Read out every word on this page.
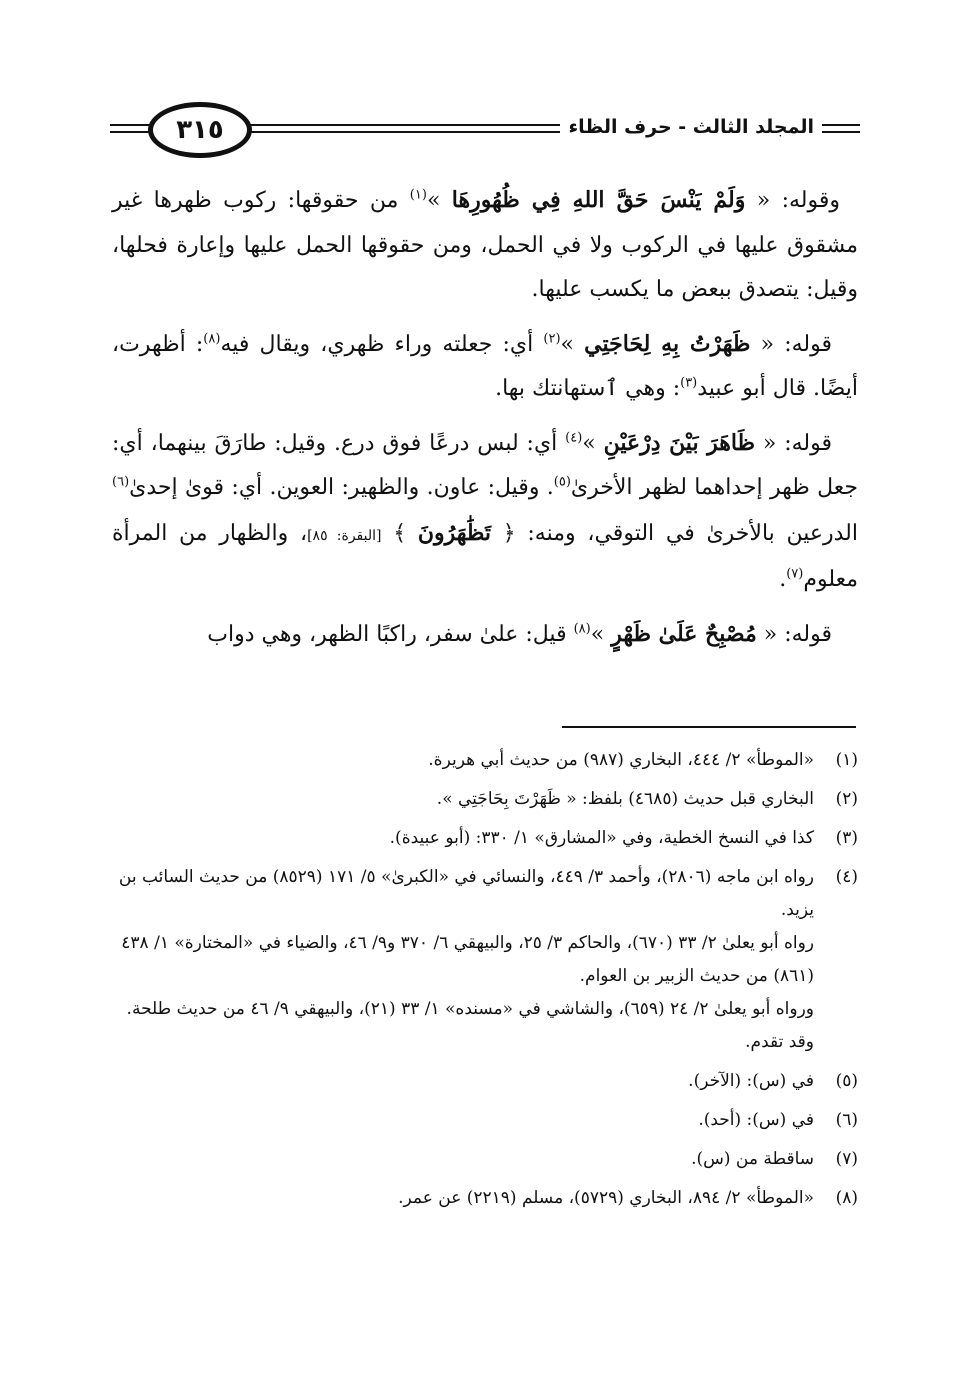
٣١٥	المجلد الثالث - حرف الظاء

وقوله: « وَلَمْ يَنْسَ حَقَّ اللهِ فِي ظُهُورِهَا »$^{(١)}$ من حقوقها: ركوب ظهرها غير مشقوق عليها في الركوب ولا في الحمل، ومن حقوقها الحمل عليها وإعارة فحلها، وقيل: يتصدق ببعض ما يكسب عليها.

قوله: « ظَهَرْتُ بِهِ لِحَاجَتِي »$^{(٢)}$ أي: جعلته وراء ظهري، ويقال فيه$^{(٨)}$: أظهرت، أيضًا. قال أبو عبيد$^{(٣)}$: وهي ٱستهانتك بها.

قوله: « ظَاهَرَ بَيْنَ دِرْعَيْنِ »$^{(٤)}$ أي: لبس درعًا فوق درع. وقيل: طارَقَ بينهما، أي: جعل ظهر إحداهما لظهر الأخرىٰ$^{(٥)}$. وقيل: عاون. والظهير: العوين. أي: قوىٰ إحدىٰ$^{(٦)}$ الدرعين بالأخرىٰ في التوقي، ومنه: ﴿ تَظَٰهَرُونَ ﴾ [البقرة: ٨٥]، والظهار من المرأة معلوم$^{(٧)}$.

قوله: « مُصْبِحٌ عَلَىٰ ظَهْرٍ »$^{(٨)}$ قيل: علىٰ سفر، راكبًا الظهر، وهي دواب

(١)
«الموطأ» ٢/ ٤٤٤، البخاري (٩٨٧) من حديث أبي هريرة.
(٢)
البخاري قبل حديث (٤٦٨٥) بلفظ: « ظَهَرْتَ بِحَاجَتِي ».
(٣)
كذا في النسخ الخطية، وفي «المشارق» ١/ ٣٣٠: (أبو عبيدة).
(٤)
رواه ابن ماجه (٢٨٠٦)، وأحمد ٣/ ٤٤٩، والنسائي في «الكبرىٰ» ٥/ ١٧١ (٨٥٢٩) من حديث السائب بن يزيد.
رواه أبو يعلىٰ ٢/ ٣٣ (٦٧٠)، والحاكم ٣/ ٢٥، والبيهقي ٦/ ٣٧٠ و٩/ ٤٦، والضياء في «المختارة» ١/ ٤٣٨ (٨٦١) من حديث الزبير بن العوام.
ورواه أبو يعلىٰ ٢/ ٢٤ (٦٥٩)، والشاشي في «مسنده» ١/ ٣٣ (٢١)، والبيهقي ٩/ ٤٦ من حديث طلحة. وقد تقدم.
(٥)
في (س): (الآخر).
(٦)
في (س): (أحد).
(٧)
ساقطة من (س).
(٨)
«الموطأ» ٢/ ٨٩٤، البخاري (٥٧٢٩)، مسلم (٢٢١٩) عن عمر.
